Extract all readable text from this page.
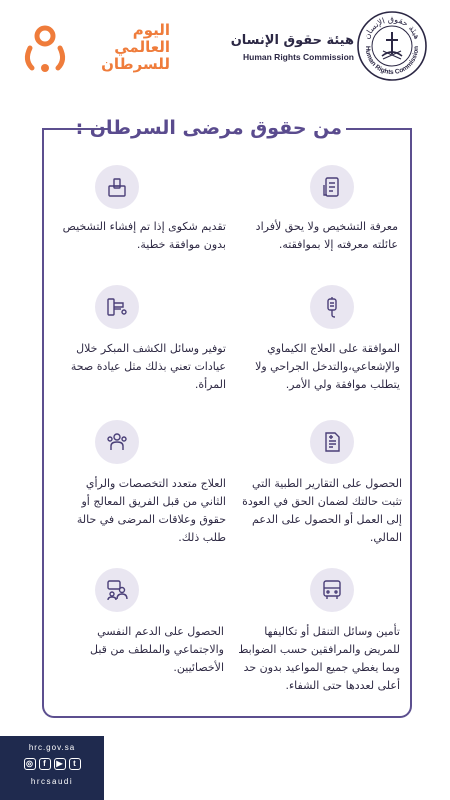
اليوم
العالمي
للسرطان
هيئة حقوق الإنسان
Human Rights Commission
هيئة حقوق الإنسان
Human Rights Commission
من حقوق مرضى السرطان :
معرفة التشخيص ولا يحق لأفراد عائلته معرفته إلا بموافقته.
تقديم شكوى إذا تم إفشاء التشخيص بدون موافقة خطية.
الموافقة على العلاج الكيماوي والإشعاعي،والتدخل الجراحي ولا يتطلب موافقة ولي الأمر.
توفير وسائل الكشف المبكر خلال عيادات تعني بذلك مثل عيادة صحة المرأة.
الحصول على التقارير الطبية التي تثبت حالتك لضمان الحق في العودة إلى العمل أو الحصول على الدعم المالي.
العلاج متعدد التخصصات والرأي الثاني من قبل الفريق المعالج أو حقوق وعلاقات المرضى في حالة طلب ذلك.
تأمين وسائل التنقل أو تكاليفها للمريض والمرافقين حسب الضوابط وبما يغطي جميع المواعيد بدون حد أعلى لعددها حتى الشفاء.
الحصول على الدعم النفسي والاجتماعي والملطف من قبل الأخصائيين.
hrc.gov.sa
◎	f	▶	t
hrcsaudi
